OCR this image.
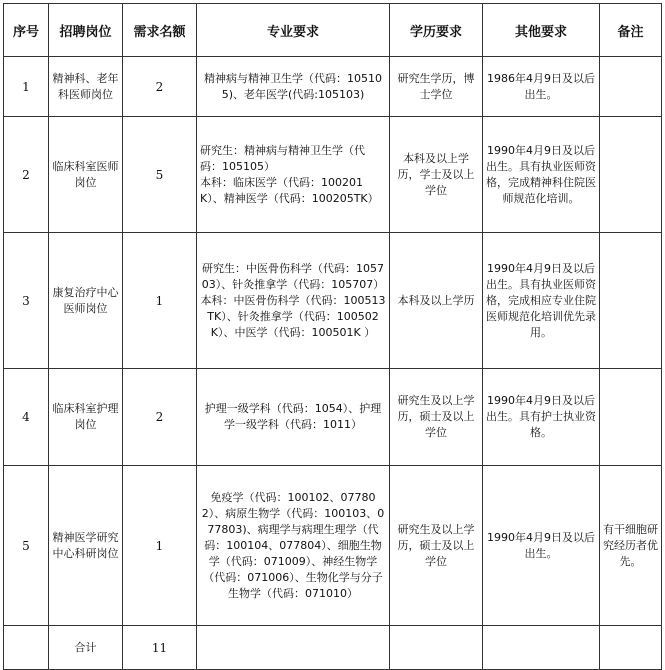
序号	招聘岗位	需求名额	专业要求	学历要求	其他要求	备注
1	精神科、老年科医师岗位	2	精神病与精神卫生学（代码：105105)、老年医学(代码:105103)	研究生学历，博士学位	1986年4月9日及以后出生。	
2	临床科室医师岗位	5	研究生：精神病与精神卫生学（代码：105105）
本科：临床医学（代码：100201K）、精神医学（代码：100205TK）	本科及以上学历，学士及以上学位	1990年4月9日及以后出生。具有执业医师资格，完成精神科住院医师规范化培训。	
3	康复治疗中心医师岗位	1	研究生：中医骨伤科学（代码：105703）、针灸推拿学（代码：105707）
本科：中医骨伤科学（代码：100513TK）、针灸推拿学（代码：100502K）、中医学（代码：100501K ）	本科及以上学历	1990年4月9日及以后出生。具有执业医师资格，完成相应专业住院医师规范化培训优先录用。	
4	临床科室护理岗位	2	护理一级学科（代码：1054）、护理学一级学科（代码：1011）	研究生及以上学历，硕士及以上学位	1990年4月9日及以后出生。具有护士执业资格。	
5	精神医学研究中心科研岗位	1	免疫学（代码：100102、077802）、病原生物学（代码：100103、077803)、病理学与病理生理学（代码：100104、077804）、细胞生物学（代码：071009）、神经生物学（代码：071006）、生物化学与分子生物学（代码：071010）	研究生及以上学历，硕士及以上学位	1990年4月9日及以后出生。	有干细胞研究经历者优先。
	合计	11				
